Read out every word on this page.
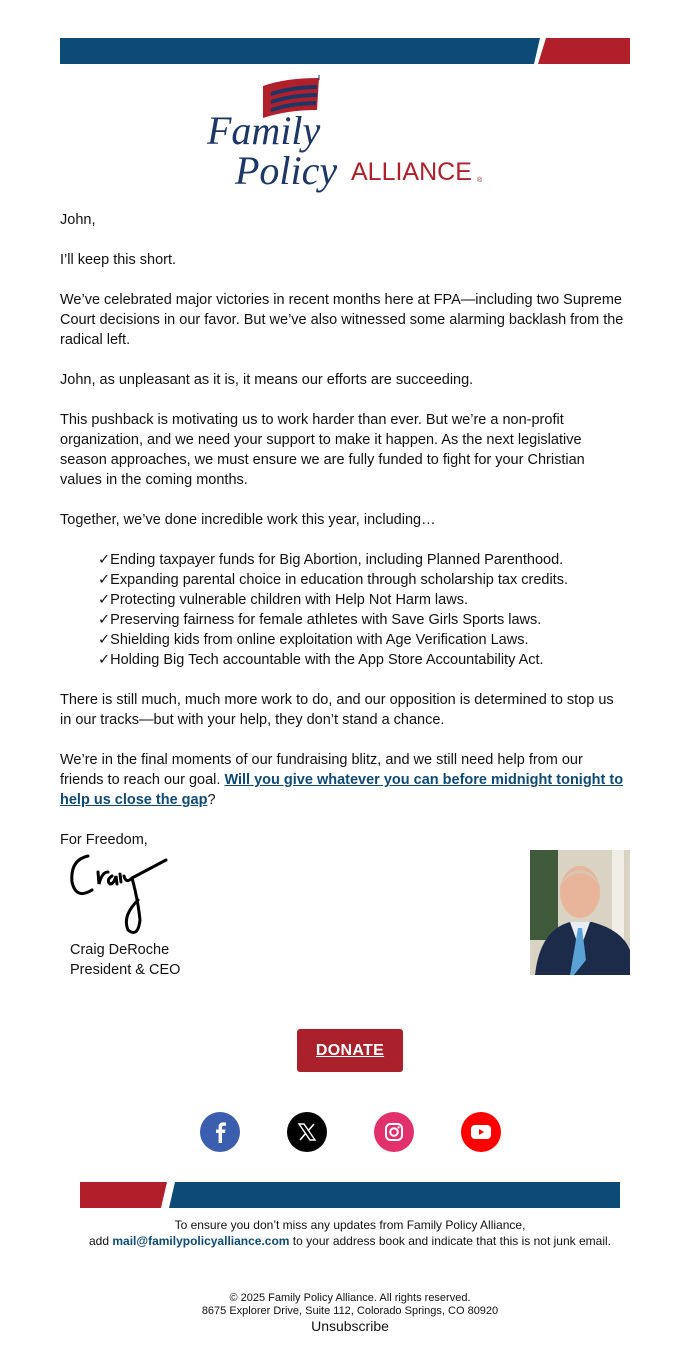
Family
Policy ALLIANCE ®

John,

I’ll keep this short.

We’ve celebrated major victories in recent months here at FPA—including two Supreme Court decisions in our favor. But we’ve also witnessed some alarming backlash from the radical left.

John, as unpleasant as it is, it means our efforts are succeeding.

This pushback is motivating us to work harder than ever. But we’re a non-profit organization, and we need your support to make it happen. As the next legislative season approaches, we must ensure we are fully funded to fight for your Christian values in the coming months.

Together, we’ve done incredible work this year, including…

✓Ending taxpayer funds for Big Abortion, including Planned Parenthood.
✓Expanding parental choice in education through scholarship tax credits.
✓Protecting vulnerable children with Help Not Harm laws.
✓Preserving fairness for female athletes with Save Girls Sports laws.
✓Shielding kids from online exploitation with Age Verification Laws.
✓Holding Big Tech accountable with the App Store Accountability Act.

There is still much, much more work to do, and our opposition is determined to stop us in our tracks—but with your help, they don’t stand a chance.

We’re in the final moments of our fundraising blitz, and we still need help from our friends to reach our goal. Will you give whatever you can before midnight tonight to help us close the gap?

For Freedom,
Craig DeRoche
President & CEO
DONATE
To ensure you don’t miss any updates from Family Policy Alliance,
add mail@familypolicyalliance.com to your address book and indicate that this is not junk email.
© 2025 Family Policy Alliance. All rights reserved.
8675 Explorer Drive, Suite 112, Colorado Springs, CO 80920
Unsubscribe
